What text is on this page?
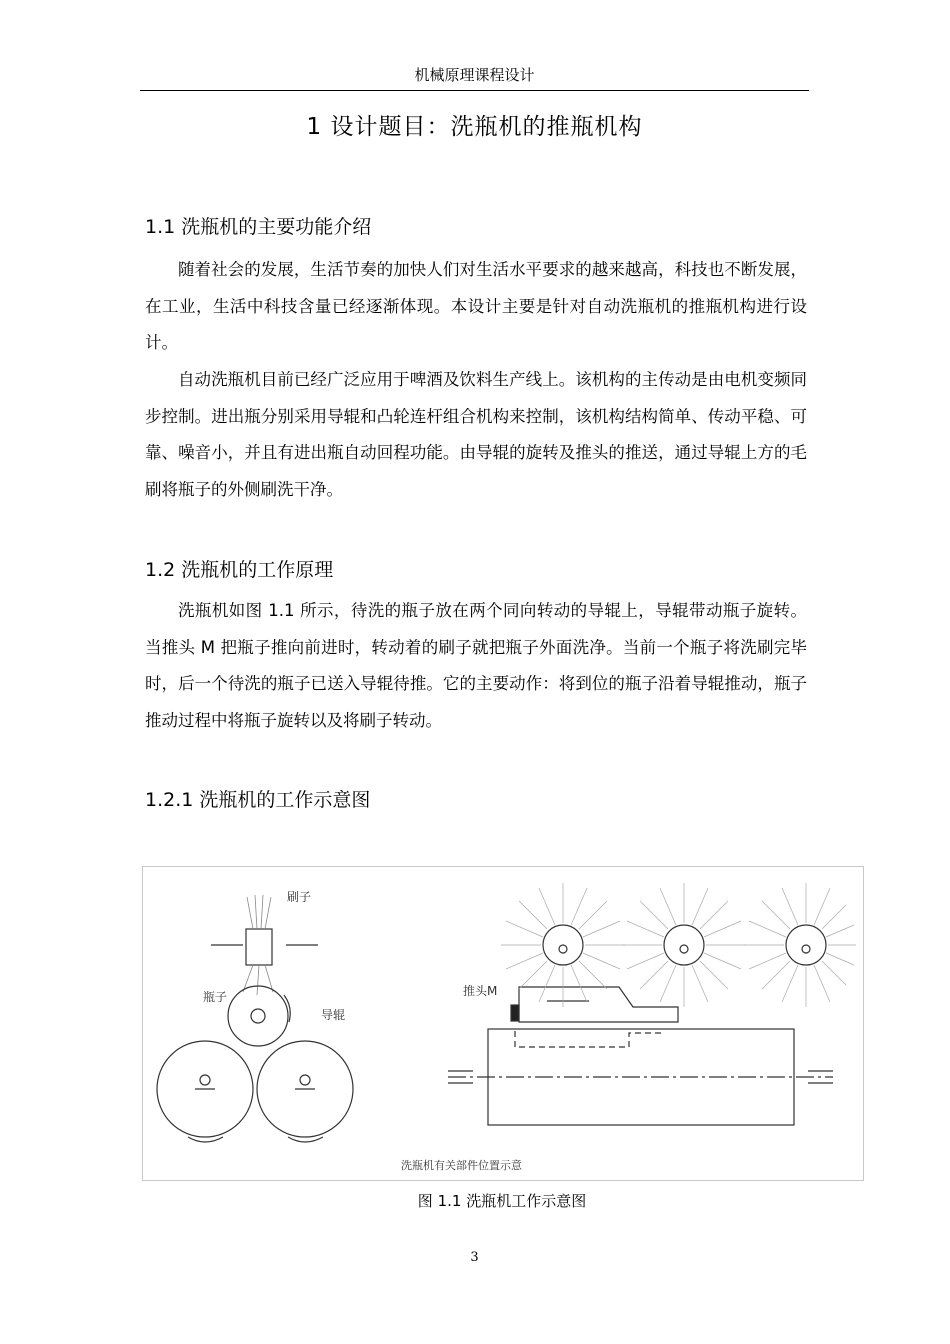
机械原理课程设计
1 设计题目：洗瓶机的推瓶机构
1.1 洗瓶机的主要功能介绍
随着社会的发展，生活节奏的加快人们对生活水平要求的越来越高，科技也不断发展，在工业，生活中科技含量已经逐渐体现。本设计主要是针对自动洗瓶机的推瓶机构进行设计。
自动洗瓶机目前已经广泛应用于啤酒及饮料生产线上。该机构的主传动是由电机变频同步控制。进出瓶分别采用导辊和凸轮连杆组合机构来控制，该机构结构简单、传动平稳、可靠、噪音小，并且有进出瓶自动回程功能。由导辊的旋转及推头的推送，通过导辊上方的毛刷将瓶子的外侧刷洗干净。
1.2 洗瓶机的工作原理
洗瓶机如图 1.1 所示，待洗的瓶子放在两个同向转动的导辊上，导辊带动瓶子旋转。当推头 M 把瓶子推向前进时，转动着的刷子就把瓶子外面洗净。当前一个瓶子将洗刷完毕时，后一个待洗的瓶子已送入导辊待推。它的主要动作：将到位的瓶子沿着导辊推动，瓶子推动过程中将瓶子旋转以及将刷子转动。
1.2.1 洗瓶机的工作示意图
刷子
瓶子
导辊
推头M
洗瓶机有关部件位置示意
图 1.1 洗瓶机工作示意图
3
